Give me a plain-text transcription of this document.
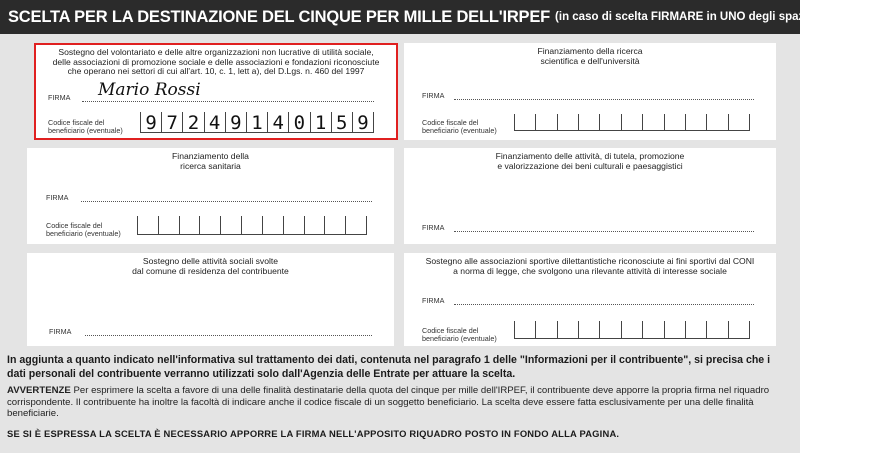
SCELTA PER LA DESTINAZIONE DEL CINQUE PER MILLE DELL'IRPEF (in caso di scelta FIRMARE in UNO degli spazi sottostanti)
Sostegno del volontariato e delle altre organizzazioni non lucrative di utilità sociale,
delle associazioni di promozione sociale e delle associazioni e fondazioni riconosciute
che operano nei settori di cui all'art. 10, c. 1, lett a), del D.Lgs. n. 460 del 1997
FIRMA Mario Rossi
Codice fiscale del
beneficiario (eventuale) 9 7 2 4 9 1 4 0 1 5 9
Finanziamento della ricerca
scientifica e dell'università
FIRMA
Codice fiscale del
beneficiario (eventuale)
Finanziamento della
ricerca sanitaria
FIRMA
Codice fiscale del
beneficiario (eventuale)
Finanziamento delle attività, di tutela, promozione
e valorizzazione dei beni culturali e paesaggistici
FIRMA
Sostegno delle attività sociali svolte
dal comune di residenza del contribuente
FIRMA
Sostegno alle associazioni sportive dilettantistiche riconosciute ai fini sportivi dal CONI
a norma di legge, che svolgono una rilevante attività di interesse sociale
FIRMA
Codice fiscale del
beneficiario (eventuale)
In aggiunta a quanto indicato nell'informativa sul trattamento dei dati, contenuta nel paragrafo 1 delle "Informazioni per il contribuente", si precisa che i dati personali del contribuente verranno utilizzati solo dall'Agenzia delle Entrate per attuare la scelta.
AVVERTENZE Per esprimere la scelta a favore di una delle finalità destinatarie della quota del cinque per mille dell'IRPEF, il contribuente deve apporre la propria firma nel riquadro corrispondente. Il contribuente ha inoltre la facoltà di indicare anche il codice fiscale di un soggetto beneficiario. La scelta deve essere fatta esclusivamente per una delle finalità beneficiarie.
SE SI È ESPRESSA LA SCELTA È NECESSARIO APPORRE LA FIRMA NELL'APPOSITO RIQUADRO POSTO IN FONDO ALLA PAGINA.
